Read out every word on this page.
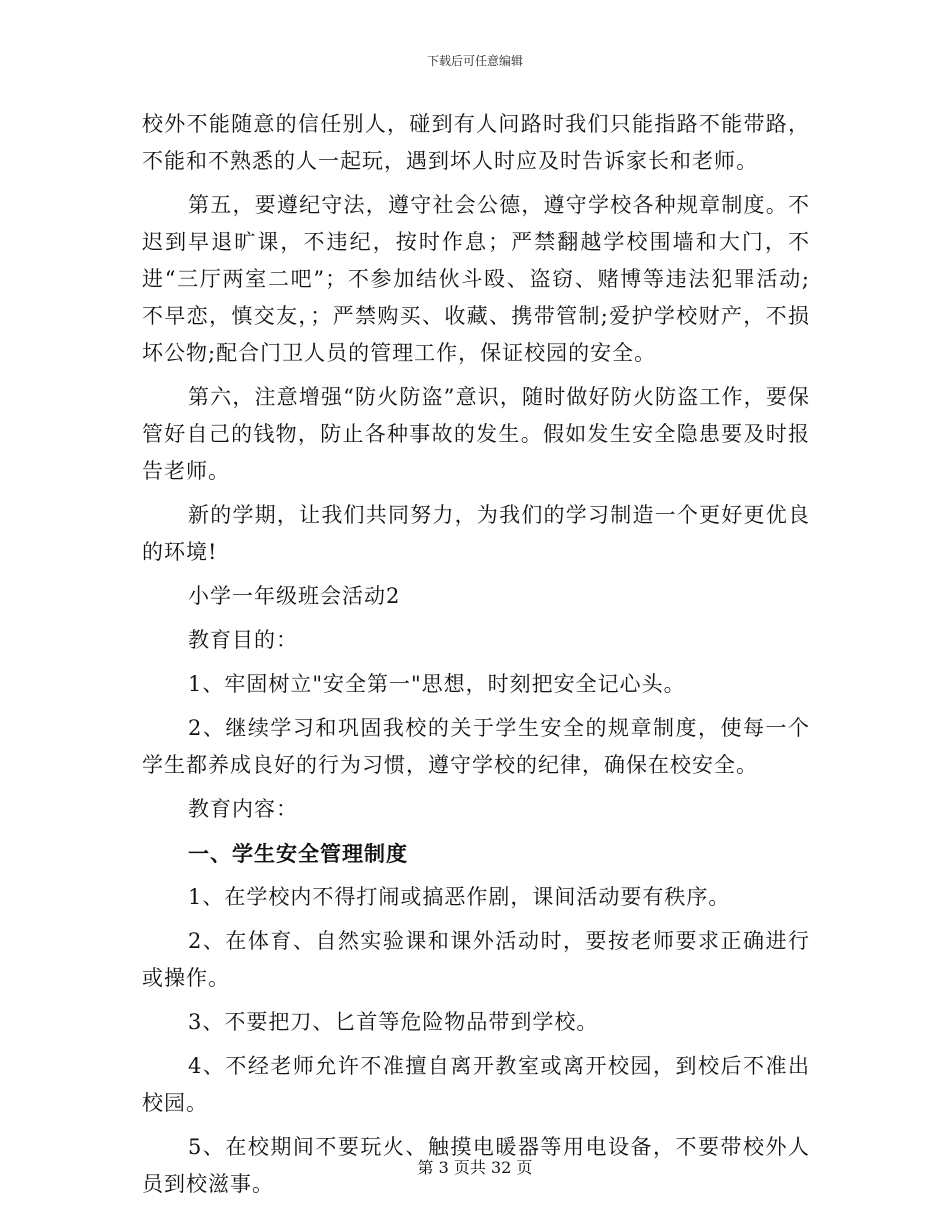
下载后可任意编辑

校外不能随意的信任别人，碰到有人问路时我们只能指路不能带路，不能和不熟悉的人一起玩，遇到坏人时应及时告诉家长和老师。

第五，要遵纪守法，遵守社会公德，遵守学校各种规章制度。不迟到早退旷课，不违纪，按时作息；严禁翻越学校围墙和大门，不进“三厅两室二吧”；不参加结伙斗殴、盗窃、赌博等违法犯罪活动;不早恋，慎交友，；严禁购买、收藏、携带管制;爱护学校财产，不损坏公物;配合门卫人员的管理工作，保证校园的安全。

第六，注意增强“防火防盗”意识，随时做好防火防盗工作，要保管好自己的钱物，防止各种事故的发生。假如发生安全隐患要及时报告老师。

新的学期，让我们共同努力，为我们的学习制造一个更好更优良的环境!

小学一年级班会活动2

教育目的：

1、牢固树立"安全第一"思想，时刻把安全记心头。

2、继续学习和巩固我校的关于学生安全的规章制度，使每一个学生都养成良好的行为习惯，遵守学校的纪律，确保在校安全。

教育内容：

一、学生安全管理制度

1、在学校内不得打闹或搞恶作剧，课间活动要有秩序。

2、在体育、自然实验课和课外活动时，要按老师要求正确进行或操作。

3、不要把刀、匕首等危险物品带到学校。

4、不经老师允许不准擅自离开教室或离开校园，到校后不准出校园。

5、在校期间不要玩火、触摸电暖器等用电设备，不要带校外人员到校滋事。

第 3 页共 32 页
